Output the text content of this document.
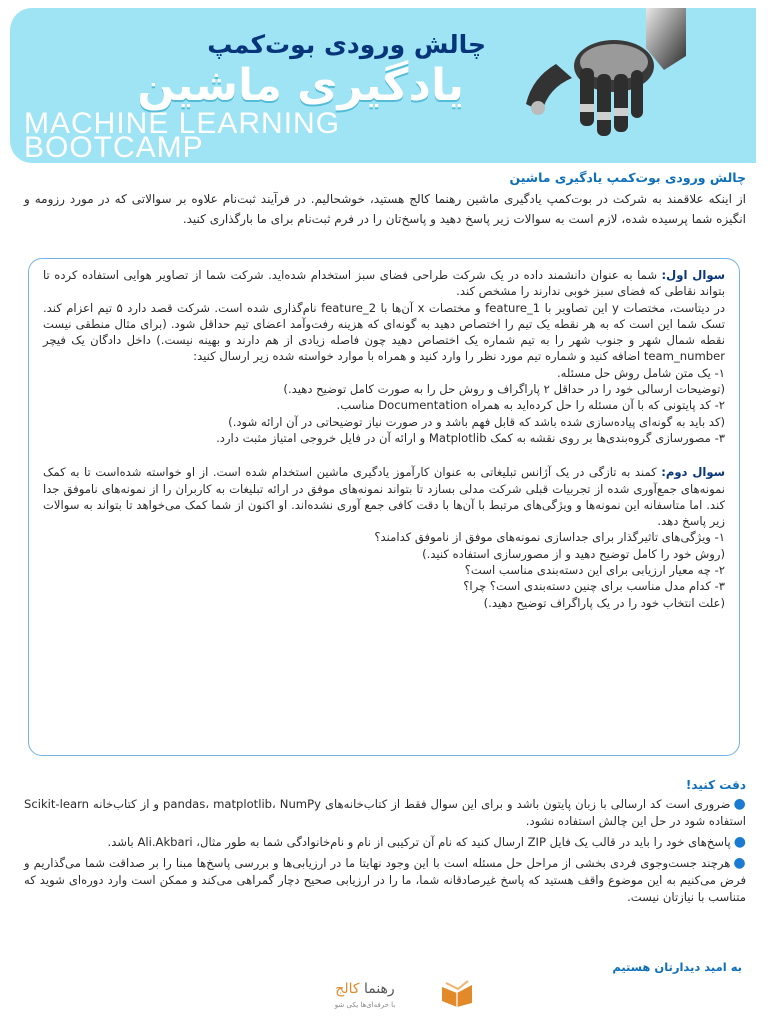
چالش ورودی بوت‌کمپ
یادگیری ماشین
MACHINE LEARNING
BOOTCAMP
چالش ورودی بوت‌کمپ یادگیری ماشین

از اینکه علاقمند به شرکت در بوت‌کمپ یادگیری ماشین رهنما کالج هستید، خوشحالیم. در فرآیند ثبت‌نام علاوه بر سوالاتی که در مورد رزومه و انگیزه شما پرسیده شده، لازم است به سوالات زیر پاسخ دهید و پاسخ‌تان را در فرم ثبت‌نام برای ما بارگذاری کنید.

سوال اول: شما به عنوان دانشمند داده در یک شرکت طراحی فضای سبز استخدام شده‌اید. شرکت شما از تصاویر هوایی استفاده کرده تا بتواند نقاطی که فضای سبز خوبی ندارند را مشخص کند.

در دیتاست، مختصات y این تصاویر با feature_1 و مختصات x آن‌ها با feature_2 نام‌گذاری شده است. شرکت قصد دارد ۵ تیم اعزام کند. تسک شما این است که به هر نقطه یک تیم را اختصاص دهید به گونه‌ای که هزینه رفت‌وآمد اعضای تیم حداقل شود. (برای مثال منطقی نیست نقطه شمال شهر و جنوب شهر را به تیم شماره یک اختصاص دهید چون فاصله زیادی از هم دارند و بهینه نیست.) داخل دادگان یک فیچر team_number اضافه کنید و شماره تیم مورد نظر را وارد کنید و همراه با موارد خواسته شده زیر ارسال کنید:

۱- یک متن شامل روش حل مسئله.

(توضیحات ارسالی خود را در حداقل ۲ پاراگراف و روش حل را به صورت کامل توضیح دهید.)

۲- کد پایتونی که با آن مسئله را حل کرده‌اید به همراه Documentation مناسب.

(کد باید به گونه‌ای پیاده‌سازی شده باشد که قابل فهم باشد و در صورت نیاز توضیحاتی در آن ارائه شود.)

۳- مصورسازی گروه‌بندی‌ها بر روی نقشه به کمک Matplotlib و ارائه آن در فایل خروجی امتیاز مثبت دارد.

سوال دوم: کمند به تازگی در یک آژانس تبلیغاتی به عنوان کارآموز یادگیری ماشین استخدام شده است. از او خواسته شده‌است تا به کمک نمونه‌های جمع‌آوری شده از تجربیات قبلی شرکت مدلی بسازد تا بتواند نمونه‌های موفق در ارائه تبلیغات به کاربران را از نمونه‌های ناموفق جدا کند. اما متاسفانه این نمونه‌ها و ویژگی‌های مرتبط با آن‌ها با دقت کافی جمع آوری نشده‌اند. او اکنون از شما کمک می‌خواهد تا بتواند به سوالات زیر پاسخ دهد.

۱- ویژگی‌های تاثیرگذار برای جداسازی نمونه‌های موفق از ناموفق کدامند؟

(روش خود را کامل توضیح دهید و از مصورسازی استفاده کنید.)

۲- چه معیار ارزیابی برای این دسته‌بندی مناسب است؟

۳- کدام مدل مناسب برای چنین دسته‌بندی است؟ چرا؟

(علت انتخاب خود را در یک پاراگراف توضیح دهید.)

دقت کنید!

●ضروری است کد ارسالی با زبان پایتون باشد و برای این سوال فقط از کتاب‌خانه‌های pandas، matplotlib، NumPy و از کتاب‌خانه Scikit-learn استفاده شود در حل این چالش استفاده نشود.

●پاسخ‌های خود را باید در قالب یک فایل ZIP ارسال کنید که نام آن ترکیبی از نام و نام‌خانوادگی شما به طور مثال، Ali.Akbari باشد.

●هرچند جست‌وجوی فردی بخشی از مراحل حل مسئله است با این وجود نهایتا ما در ارزیابی‌ها و بررسی پاسخ‌ها مبنا را بر صداقت شما می‌گذاریم و فرض می‌کنیم به این موضوع واقف هستید که پاسخ غیرصادقانه شما، ما را در ارزیابی صحیح دچار گمراهی می‌کند و ممکن است وارد دوره‌ای شوید که متناسب با نیازتان نیست.

به امید دیدارتان هستیم
رهنما کالج
با حرفه‌ای‌ها یکی شو
